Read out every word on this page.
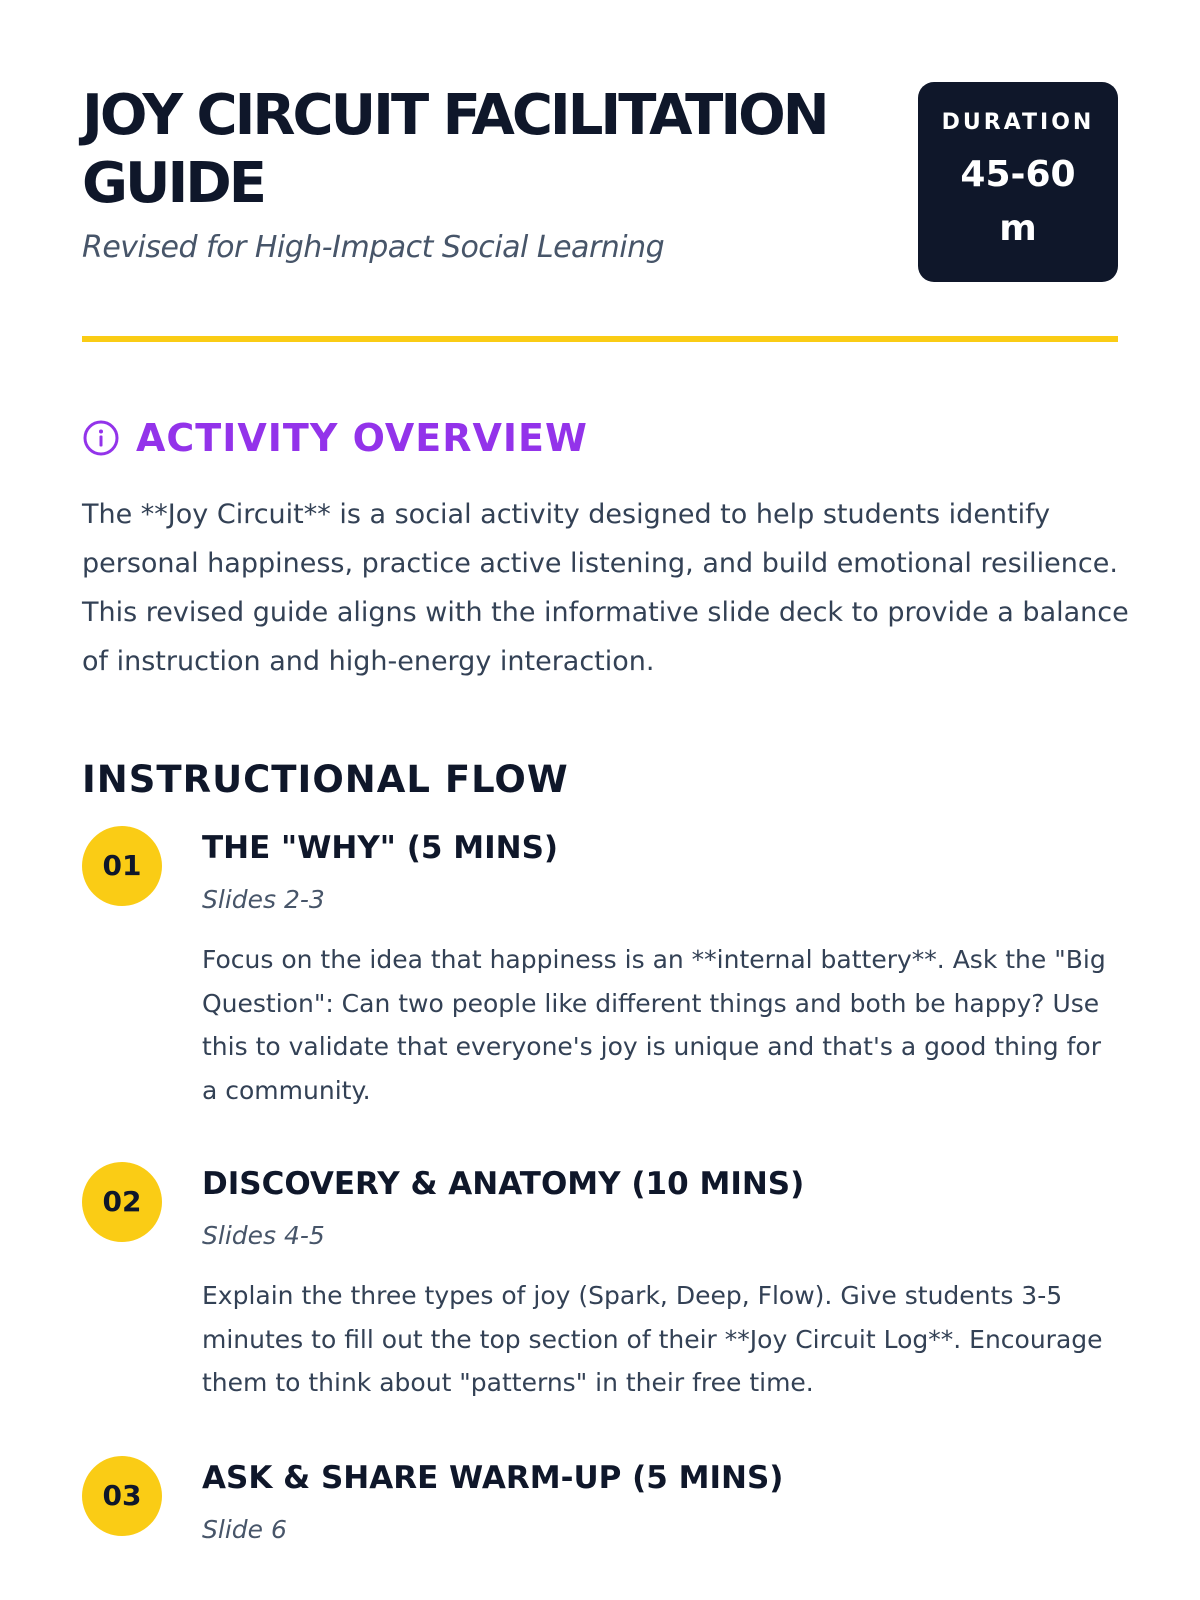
JOY CIRCUIT FACILITATION GUIDE

Revised for High-Impact Social Learning

DURATION
45-60m
ACTIVITY OVERVIEW

The **Joy Circuit** is a social activity designed to help students identify personal happiness, practice active listening, and build emotional resilience. This revised guide aligns with the informative slide deck to provide a balance of instruction and high-energy interaction.

INSTRUCTIONAL FLOW
01	THE "WHY" (5 MINS)

Slides 2-3

Focus on the idea that happiness is an **internal battery**. Ask the "Big Question": Can two people like different things and both be happy? Use this to validate that everyone's joy is unique and that's a good thing for a community.

02	DISCOVERY & ANATOMY (10 MINS)

Slides 4-5

Explain the three types of joy (Spark, Deep, Flow). Give students 3-5 minutes to fill out the top section of their **Joy Circuit Log**. Encourage them to think about "patterns" in their free time.

03	ASK & SHARE WARM-UP (5 MINS)

Slide 6
